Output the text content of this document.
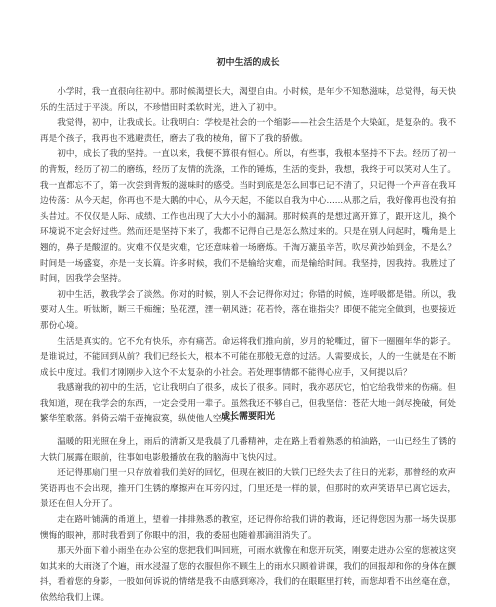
初中生活的成长

小学时，我一直很向往初中。那时候渴望长大，渴望自由。小时候，是年少不知愁滋味，总觉得，每天快乐的生活过于平淡。所以，不珍惜田时柔软时光，进入了初中。

我觉得，初中，让我成长。让我明白：学校是社会的一个缩影——社会生活是个大染缸，是复杂的。我不再是个孩子，我再也不逃避责任，磨去了我的棱角，留下了我的骄傲。

初中，成长了我的坚持。一直以来，我便不算很有恒心。所以，有些事，我根本坚持不下去。经历了初一的背叛，经历了初二的磨练，经历了友情的洗涤，工作的锤炼，生活的变卦，我想，我终于可以笑对人生了。我一直都忘不了，第一次尝到背叛的滋味时的感受。当时到底是怎么回事已记不清了，只记得一个声音在我耳边传荡：从今天起，你再也不是大鹅的中心，从今天起，不能以自我为中心......从那之后，我好像再也没有拍头昔过。不仅仅是人际、成绩、工作也出现了大大小小的漏洞。那时候真的是想过离开算了，跟开这儿，换个环境说不定会好过些。然而还是坚持下来了，我都不记得自己是怎么熬过来的。只是在别人问起时，嘴角是上翘的，鼻子是酸涩的。灾难不仅是灾难，它还意味着一场磨炼。千淘万漉虽辛苦，吹尽黄沙始到金，不是么？时间是一场盛宴，亦是一支长篇。许多时候，我们不是输给灾难，而是输给时间。我坚持，因我持。我胜过了时间，因我学会坚持。

初中生活，教我学会了淡然。你对的时候，别人不会记得你对过；你错的时候，连呼吸都是错。所以，我要对人生。听钛断，断三千痴缠；坠花湮，湮一朝风涟；花若怜，落在谁指尖？即便不能完全做到，也要接近那份心境。

生活是真实的。它不允有快乐，亦有痛苦。命运将我们推向前，岁月的轮嘶过，留下一圈圈年华的影子。是谁说过，不能回到从前？我们已经长大，根本不可能在那般无意的过活。人需要成长，人的一生就是在不断成长中度过。我们才刚刚步入这个不太复杂的小社会。若处理事情都不能得心应手，又何提以后？

我感谢我的初中的生活，它让我明白了很多，成长了很多。同时，我亦恶厌它，怕它给我带来的伤痛。但我知道，现在我学会的东西，一定会受用一辈子。虽然我还不够自己，但我坚信：苍茫大地一剑尽挽破，何处繁华笙歌落。斜倚云端千壶掩寂寞，纵使他人空笑。

成长需要阳光

温暖的阳光照在身上，雨后的清新又是我晨了几番精神，走在路上看着熟悉的柏油路，一山已经生了锈的大铁门展露在眼前，往事如电影般播放在我的脑海中飞快闪过。

还记得那扇门里一只存放着我们美好的回忆，但现在被旧的大铁门已经失去了往日的光彩，那曾经的欢声笑语再也不会出现，推开门生锈的摩擦声在耳旁闪过，门里还是一样的景，但那时的欢声笑语早已离它远去，景还在但人分开了。

走在路叶铺满的甬道上，望着一排排熟悉的教室，还记得你给我们讲的教诲，还记得您因为那一场失误那懊悔的眼神，那时我看到了你眼中的泪，我的委屈也随着那滴泪消失了。

那天外面下着小雨坐在办公室的您把我们叫回班，可雨水就像在和您开玩笑，刚要走进办公室的您被这突如其来的大雨浇了个遍，雨水浸湿了您的衣服但你不顾生上的雨水只顾着讲课，我们的回报却和你的身体在颤抖，看着您的身影，一股如何诉说的情绪是我不由感到寒冷，我们的在眼眶里打转，而您却看不出丝毫在意，依然给我们上课。
